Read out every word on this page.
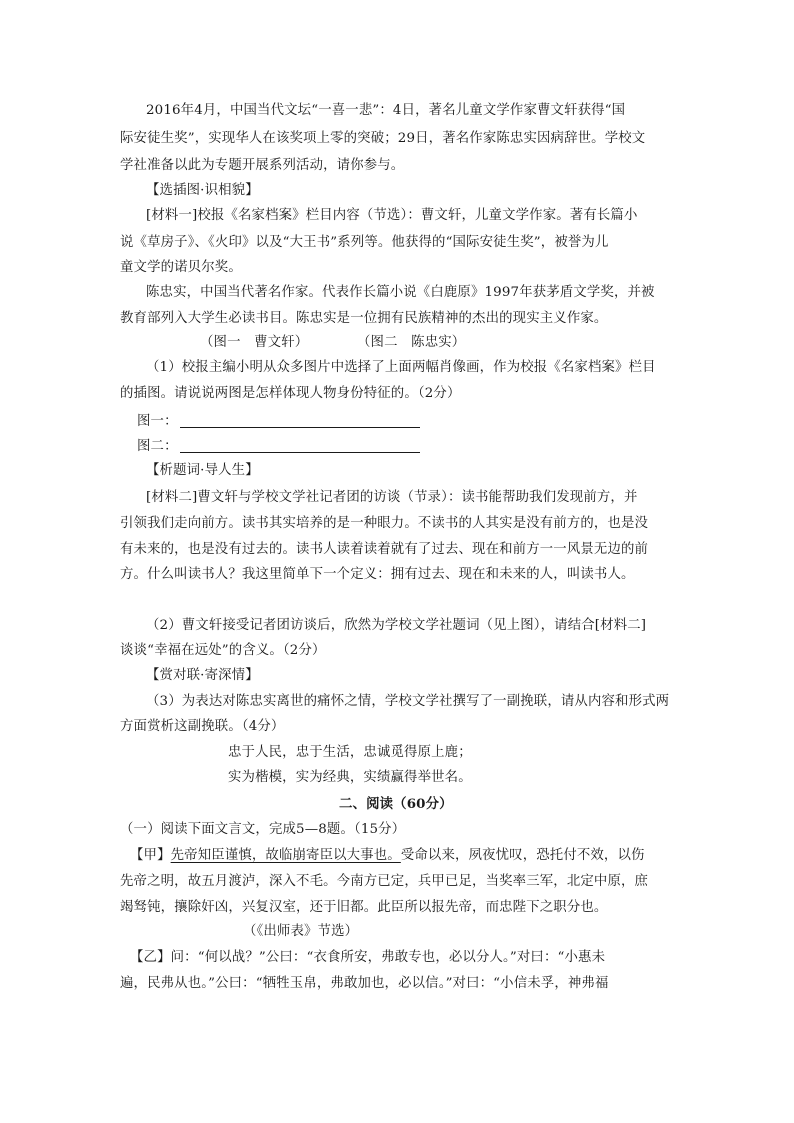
2016年4月，中国当代文坛“一喜一悲”：4日，著名儿童文学作家曹文轩获得“国
际安徒生奖”，实现华人在该奖项上零的突破；29日，著名作家陈忠实因病辞世。学校文
学社准备以此为专题开展系列活动，请你参与。
【选插图·识相貌】
[材料一]校报《名家档案》栏目内容（节选）：曹文轩，儿童文学作家。著有长篇小
说《草房子》、《火印》以及“大王书”系列等。他获得的“国际安徒生奖”，被誉为儿
童文学的诺贝尔奖。
陈忠实，中国当代著名作家。代表作长篇小说《白鹿原》1997年获茅盾文学奖，并被
教育部列入大学生必读书目。陈忠实是一位拥有民族精神的杰出的现实主义作家。
（图一　曹文轩）	（图二　陈忠实）
（1）校报主编小明从众多图片中选择了上面两幅肖像画，作为校报《名家档案》栏目
的插图。请说说两图是怎样体现人物身份特征的。（2分）
图一：
图二：
【析题词·导人生】
[材料二]曹文轩与学校文学社记者团的访谈（节录）：读书能帮助我们发现前方，并
引领我们走向前方。读书其实培养的是一种眼力。不读书的人其实是没有前方的，也是没
有未来的，也是没有过去的。读书人读着读着就有了过去、现在和前方一一风景无边的前
方。什么叫读书人？我这里简单下一个定义：拥有过去、现在和未来的人，叫读书人。
（2）曹文轩接受记者团访谈后，欣然为学校文学社题词（见上图），请结合[材料二]
谈谈“幸福在远处”的含义。（2分）
【赏对联·寄深情】
（3）为表达对陈忠实离世的痛怀之情，学校文学社撰写了一副挽联，请从内容和形式两
方面赏析这副挽联。（4分）
忠于人民，忠于生活，忠诚觅得原上鹿；
实为楷模，实为经典，实绩赢得举世名。
二、阅读（60分）
（一）阅读下面文言文，完成5—8题。（15分）
【甲】先帝知臣谨慎，故临崩寄臣以大事也。受命以来，夙夜忧叹，恐托付不效，以伤
先帝之明，故五月渡泸，深入不毛。今南方已定，兵甲已足，当奖率三军，北定中原，庶
竭驽钝，攘除奸凶，兴复汉室，还于旧都。此臣所以报先帝，而忠陛下之职分也。
（《出师表》节选）
【乙】问：“何以战？”公曰：“衣食所安，弗敢专也，必以分人。”对曰：“小惠未
遍，民弗从也。”公曰：“牺牲玉帛，弗敢加也，必以信。”对曰：“小信未孚，神弗福
